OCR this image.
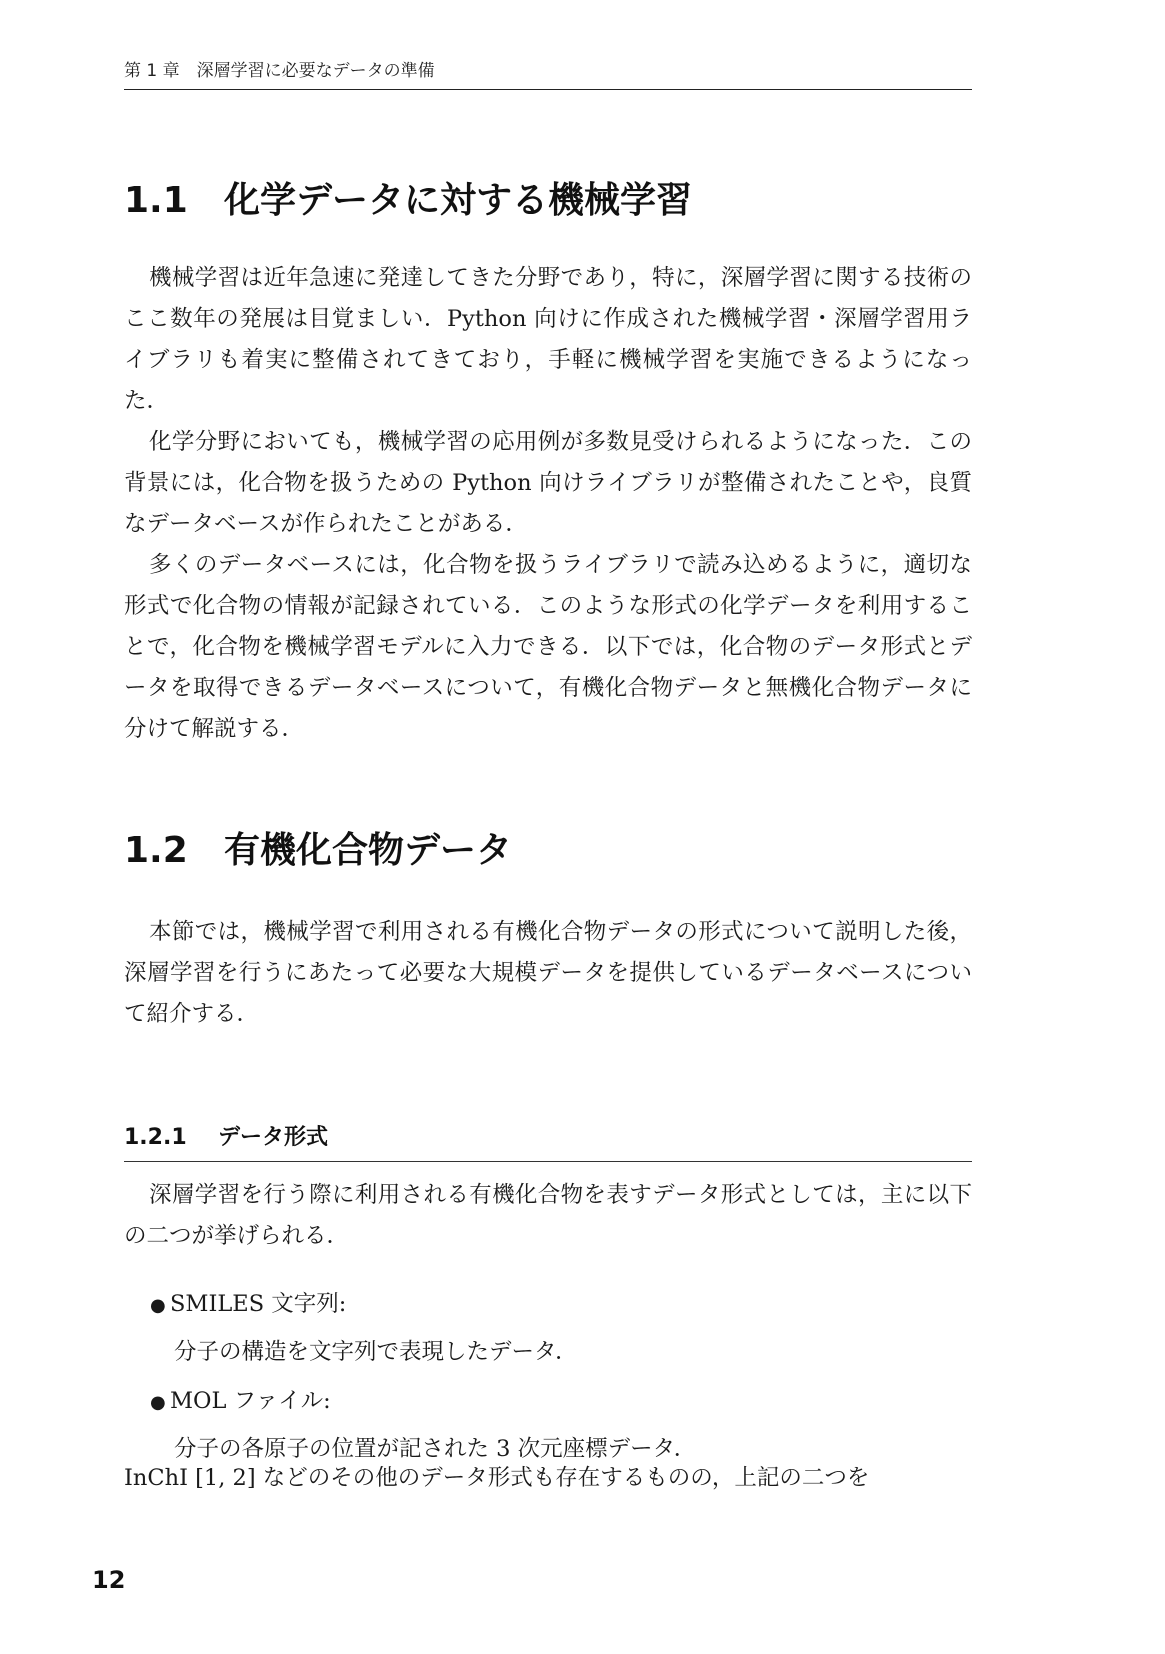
第 1 章　深層学習に必要なデータの準備
1.1 化学データに対する機械学習

機械学習は近年急速に発達してきた分野であり，特に，深層学習に関する技術のここ数年の発展は目覚ましい．Python 向けに作成された機械学習・深層学習用ライブラリも着実に整備されてきており，手軽に機械学習を実施できるようになった．

化学分野においても，機械学習の応用例が多数見受けられるようになった．この背景には，化合物を扱うための Python 向けライブラリが整備されたことや，良質なデータベースが作られたことがある．

多くのデータベースには，化合物を扱うライブラリで読み込めるように，適切な形式で化合物の情報が記録されている．このような形式の化学データを利用することで，化合物を機械学習モデルに入力できる．以下では，化合物のデータ形式とデータを取得できるデータベースについて，有機化合物データと無機化合物データに分けて解説する．

1.2 有機化合物データ

本節では，機械学習で利用される有機化合物データの形式について説明した後，深層学習を行うにあたって必要な大規模データを提供しているデータベースについて紹介する．

1.2.1 データ形式

深層学習を行う際に利用される有機化合物を表すデータ形式としては，主に以下の二つが挙げられる．

● SMILES 文字列:
分子の構造を文字列で表現したデータ．
● MOL ファイル:
分子の各原子の位置が記された 3 次元座標データ．

InChI [1, 2] などのその他のデータ形式も存在するものの，上記の二つを

12
